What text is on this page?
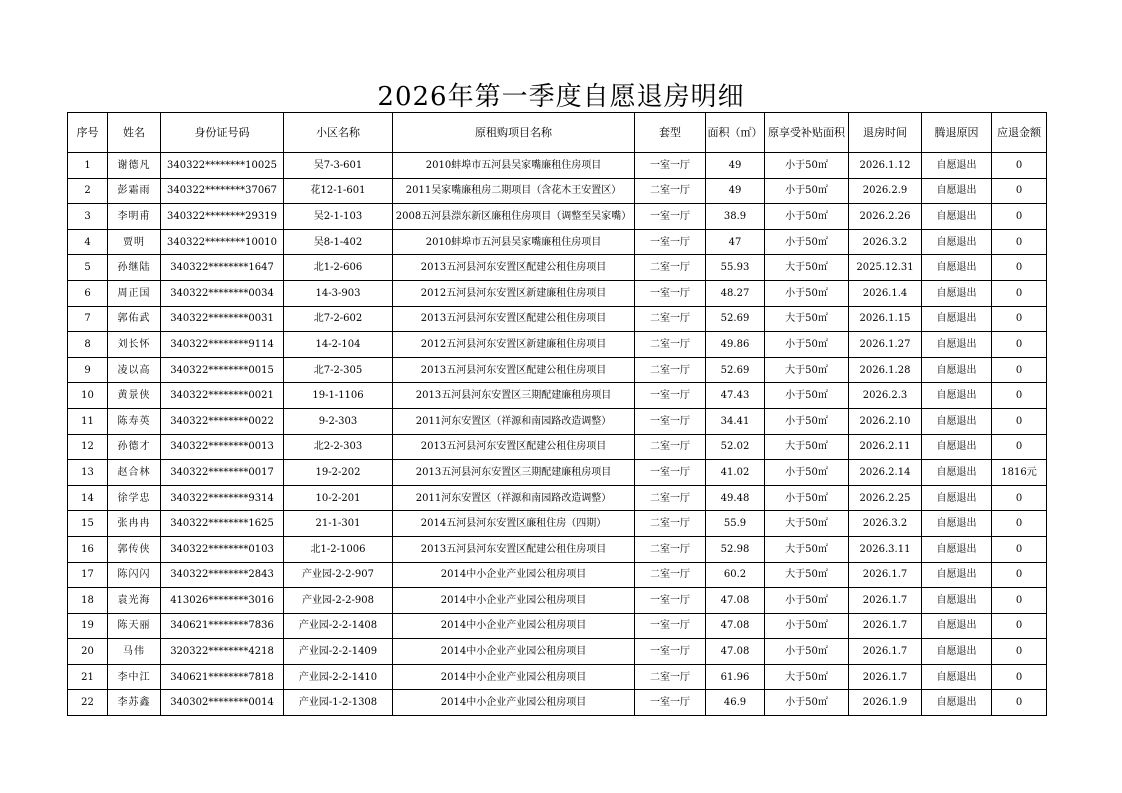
2026年第一季度自愿退房明细
序号	姓名	身份证号码	小区名称	原租购项目名称	套型	面积（㎡）	原享受补贴面积	退房时间	腾退原因	应退金额
1	谢德凡	340322********10025	吴7-3-601	2010蚌埠市五河县吴家嘴廉租住房项目	一室一厅	49	小于50㎡	2026.1.12	自愿退出	0
2	彭霜雨	340322********37067	花12-1-601	2011吴家嘴廉租房二期项目（含花木王安置区）	二室一厅	49	小于50㎡	2026.2.9	自愿退出	0
3	李明甫	340322********29319	吴2-1-103	2008五河县漴东新区廉租住房项目（调整至吴家嘴）	一室一厅	38.9	小于50㎡	2026.2.26	自愿退出	0
4	贾明	340322********10010	吴8-1-402	2010蚌埠市五河县吴家嘴廉租住房项目	一室一厅	47	小于50㎡	2026.3.2	自愿退出	0
5	孙继陆	340322********1647	北1-2-606	2013五河县河东安置区配建公租住房项目	二室一厅	55.93	大于50㎡	2025.12.31	自愿退出	0
6	周正国	340322********0034	14-3-903	2012五河县河东安置区新建廉租住房项目	一室一厅	48.27	小于50㎡	2026.1.4	自愿退出	0
7	郭佑武	340322********0031	北7-2-602	2013五河县河东安置区配建公租住房项目	二室一厅	52.69	大于50㎡	2026.1.15	自愿退出	0
8	刘长怀	340322********9114	14-2-104	2012五河县河东安置区新建廉租住房项目	二室一厅	49.86	小于50㎡	2026.1.27	自愿退出	0
9	凌以高	340322********0015	北7-2-305	2013五河县河东安置区配建公租住房项目	二室一厅	52.69	大于50㎡	2026.1.28	自愿退出	0
10	黄景侠	340322********0021	19-1-1106	2013五河县河东安置区三期配建廉租房项目	一室一厅	47.43	小于50㎡	2026.2.3	自愿退出	0
11	陈寿英	340322********0022	9-2-303	2011河东安置区（祥源和南园路改造调整）	一室一厅	34.41	小于50㎡	2026.2.10	自愿退出	0
12	孙德才	340322********0013	北2-2-303	2013五河县河东安置区配建公租住房项目	二室一厅	52.02	大于50㎡	2026.2.11	自愿退出	0
13	赵合林	340322********0017	19-2-202	2013五河县河东安置区三期配建廉租房项目	一室一厅	41.02	小于50㎡	2026.2.14	自愿退出	1816元
14	徐学忠	340322********9314	10-2-201	2011河东安置区（祥源和南园路改造调整）	二室一厅	49.48	小于50㎡	2026.2.25	自愿退出	0
15	张冉冉	340322********1625	21-1-301	2014五河县河东安置区廉租住房（四期）	二室一厅	55.9	大于50㎡	2026.3.2	自愿退出	0
16	郭传侠	340322********0103	北1-2-1006	2013五河县河东安置区配建公租住房项目	二室一厅	52.98	大于50㎡	2026.3.11	自愿退出	0
17	陈闪闪	340322********2843	产业园-2-2-907	2014中小企业产业园公租房项目	二室一厅	60.2	大于50㎡	2026.1.7	自愿退出	0
18	袁光海	413026********3016	产业园-2-2-908	2014中小企业产业园公租房项目	一室一厅	47.08	小于50㎡	2026.1.7	自愿退出	0
19	陈天丽	340621********7836	产业园-2-2-1408	2014中小企业产业园公租房项目	一室一厅	47.08	小于50㎡	2026.1.7	自愿退出	0
20	马伟	320322********4218	产业园-2-2-1409	2014中小企业产业园公租房项目	一室一厅	47.08	小于50㎡	2026.1.7	自愿退出	0
21	李中江	340621********7818	产业园-2-2-1410	2014中小企业产业园公租房项目	二室一厅	61.96	大于50㎡	2026.1.7	自愿退出	0
22	李苏鑫	340302********0014	产业园-1-2-1308	2014中小企业产业园公租房项目	一室一厅	46.9	小于50㎡	2026.1.9	自愿退出	0
